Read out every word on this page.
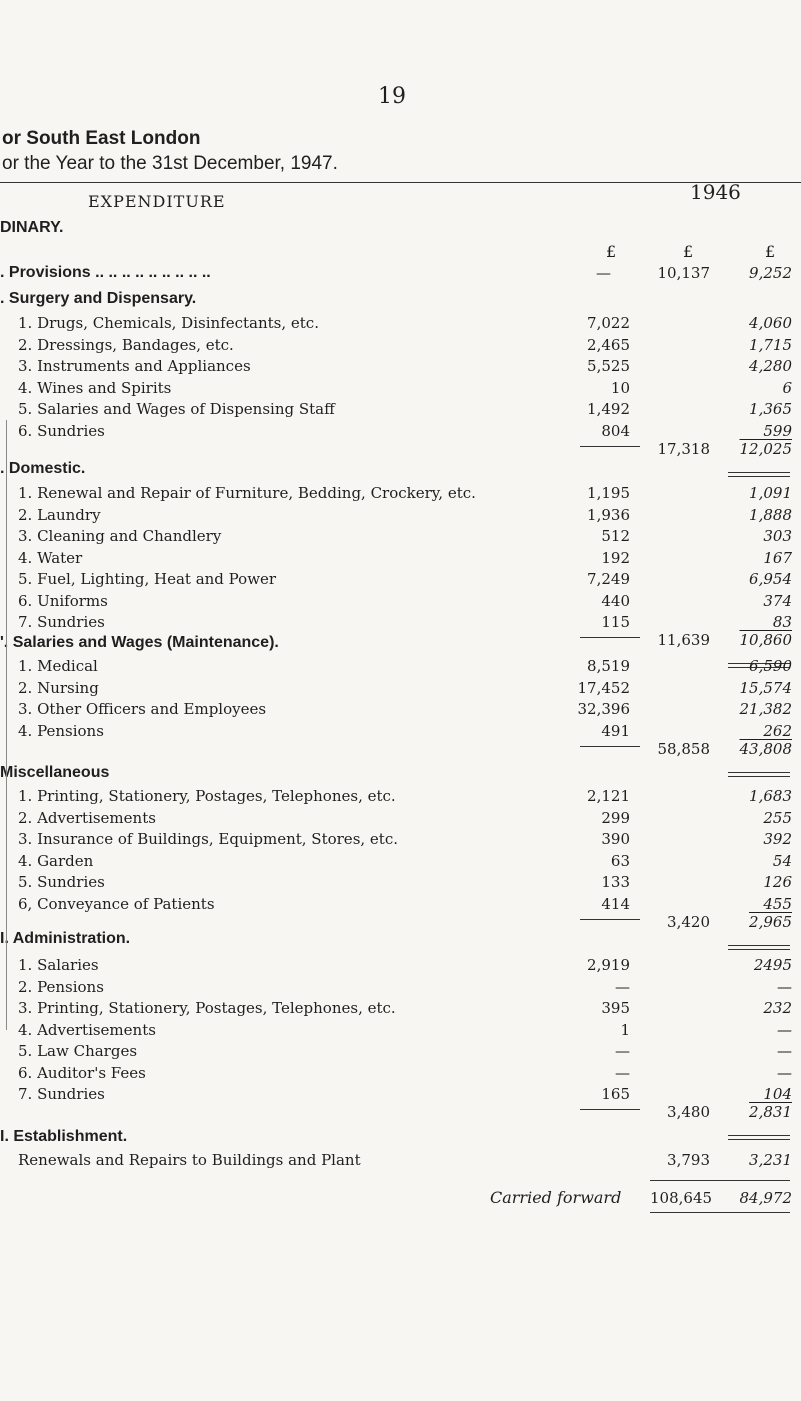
19
or South East London
or the Year to the 31st December, 1947.
EXPENDITURE	1946
DINARY.
£	£	£
. Provisions .. .. .. .. .. .. .. .. ..	—	10,137	9,252
. Surgery and Dispensary.
1. Drugs, Chemicals, Disinfectants, etc.	7,022	4,060
2. Dressings, Bandages, etc.	2,465	1,715
3. Instruments and Appliances	5,525	4,280
4. Wines and Spirits	10	6
5. Salaries and Wages of Dispensing Staff	1,492	1,365
6. Sundries	804	599
17,318	12,025
. Domestic.
1. Renewal and Repair of Furniture, Bedding, Crockery, etc.	1,195	1,091
2. Laundry	1,936	1,888
3. Cleaning and Chandlery	512	303
4. Water	192	167
5. Fuel, Lighting, Heat and Power	7,249	6,954
6. Uniforms	440	374
7. Sundries	115	83
11,639	10,860
'. Salaries and Wages (Maintenance).
1. Medical	8,519	6,590
2. Nursing	17,452	15,574
3. Other Officers and Employees	32,396	21,382
4. Pensions	491	262
58,858	43,808
Miscellaneous
1. Printing, Stationery, Postages, Telephones, etc.	2,121	1,683
2. Advertisements	299	255
3. Insurance of Buildings, Equipment, Stores, etc.	390	392
4. Garden	63	54
5. Sundries	133	126
6, Conveyance of Patients	414	455
3,420	2,965
I. Administration.
1. Salaries	2,919	2495
2. Pensions	—	—
3. Printing, Stationery, Postages, Telephones, etc.	395	232
4. Advertisements	1	—
5. Law Charges	—	—
6. Auditor's Fees	—	—
7. Sundries	165	104
3,480	2,831
I. Establishment.
Renewals and Repairs to Buildings and Plant	3,793	3,231
Carried forward 108,645	84,972
